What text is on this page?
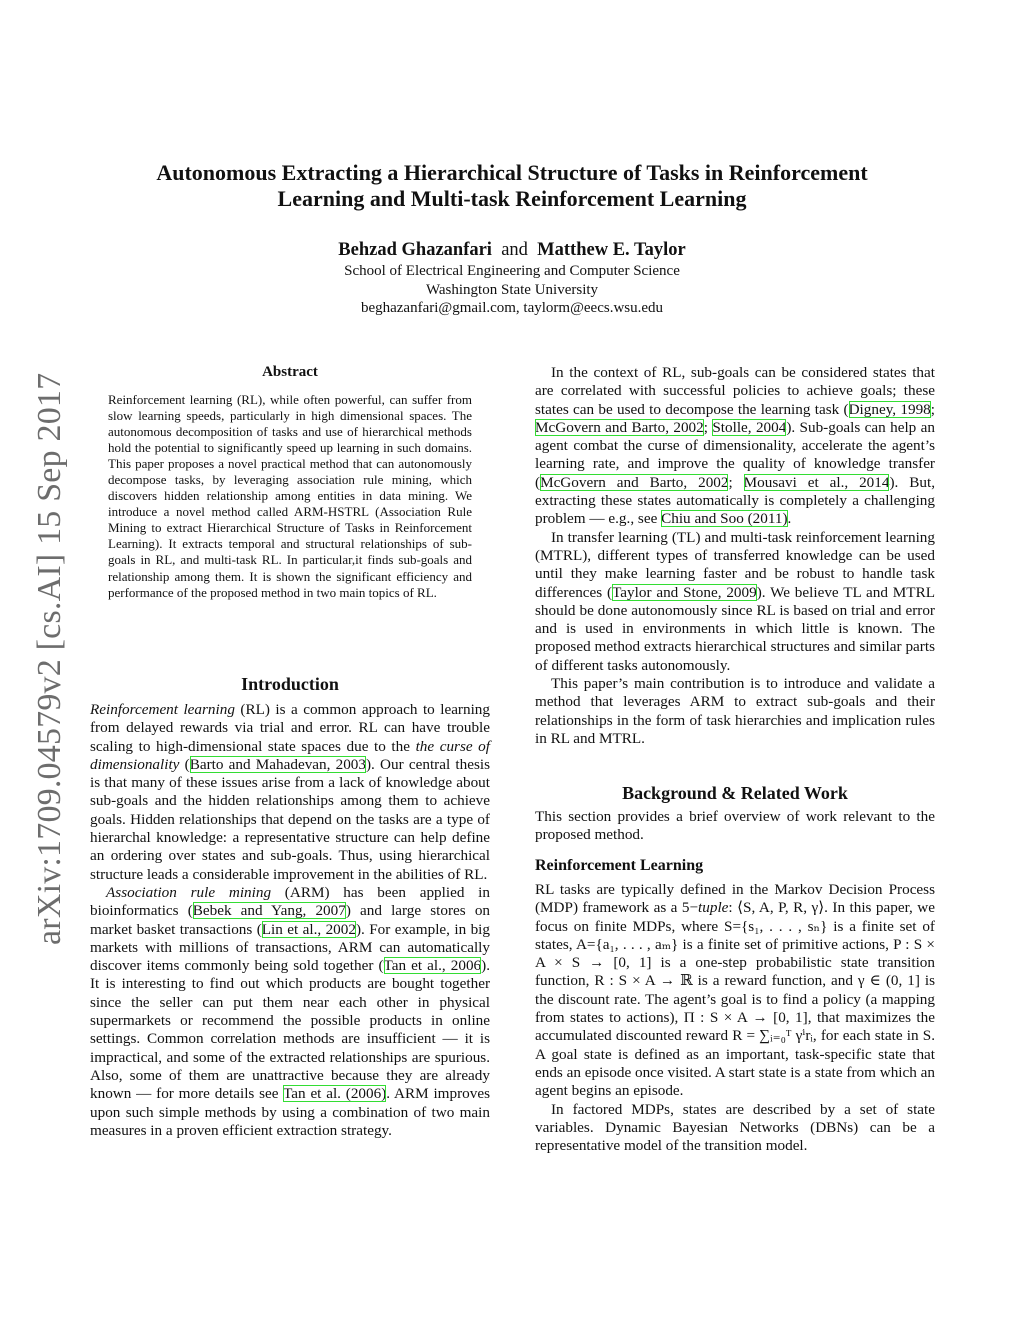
arXiv:1709.04579v2 [cs.AI] 15 Sep 2017
Autonomous Extracting a Hierarchical Structure of Tasks in Reinforcement
Learning and Multi-task Reinforcement Learning
Behzad Ghazanfari and Matthew E. Taylor
School of Electrical Engineering and Computer Science
Washington State University
beghazanfari@gmail.com, taylorm@eecs.wsu.edu
Abstract
Reinforcement learning (RL), while often powerful, can suffer from slow learning speeds, particularly in high dimensional spaces. The autonomous decomposition of tasks and use of hierarchical methods hold the potential to significantly speed up learning in such domains. This paper proposes a novel practical method that can autonomously decompose tasks, by leveraging association rule mining, which discovers hidden relationship among entities in data mining. We introduce a novel method called ARM-HSTRL (Association Rule Mining to extract Hierarchical Structure of Tasks in Reinforcement Learning). It extracts temporal and structural relationships of sub-goals in RL, and multi-task RL. In particular,it finds sub-goals and relationship among them. It is shown the significant efficiency and performance of the proposed method in two main topics of RL.
Introduction

Reinforcement learning (RL) is a common approach to learning from delayed rewards via trial and error. RL can have trouble scaling to high-dimensional state spaces due to the the curse of dimensionality (Barto and Mahadevan, 2003). Our central thesis is that many of these issues arise from a lack of knowledge about sub-goals and the hidden relationships among them to achieve goals. Hidden relationships that depend on the tasks are a type of hierarchal knowledge: a representative structure can help define an ordering over states and sub-goals. Thus, using hierarchical structure leads a considerable improvement in the abilities of RL.

Association rule mining (ARM) has been applied in bioinformatics (Bebek and Yang, 2007) and large stores on market basket transactions (Lin et al., 2002). For example, in big markets with millions of transactions, ARM can automatically discover items commonly being sold together (Tan et al., 2006). It is interesting to find out which products are bought together since the seller can put them near each other in physical supermarkets or recommend the possible products in online settings. Common correlation methods are insufficient — it is impractical, and some of the extracted relationships are spurious. Also, some of them are unattractive because they are already known — for more details see Tan et al. (2006). ARM improves upon such simple methods by using a combination of two main measures in a proven efficient extraction strategy.

In the context of RL, sub-goals can be considered states that are correlated with successful policies to achieve goals; these states can be used to decompose the learning task (Digney, 1998; McGovern and Barto, 2002; Stolle, 2004). Sub-goals can help an agent combat the curse of dimensionality, accelerate the agent’s learning rate, and improve the quality of knowledge transfer (McGovern and Barto, 2002; Mousavi et al., 2014). But, extracting these states automatically is completely a challenging problem — e.g., see Chiu and Soo (2011).

In transfer learning (TL) and multi-task reinforcement learning (MTRL), different types of transferred knowledge can be used until they make learning faster and be robust to handle task differences (Taylor and Stone, 2009). We believe TL and MTRL should be done autonomously since RL is based on trial and error and is used in environments in which little is known. The proposed method extracts hierarchical structures and similar parts of different tasks autonomously.

This paper’s main contribution is to introduce and validate a method that leverages ARM to extract sub-goals and their relationships in the form of task hierarchies and implication rules in RL and MTRL.

Background & Related Work
This section provides a brief overview of work relevant to the proposed method.
Reinforcement Learning

RL tasks are typically defined in the Markov Decision Process (MDP) framework as a 5−tuple: ⟨S, A, P, R, γ⟩. In this paper, we focus on finite MDPs, where S={s₁, . . . , sₙ} is a finite set of states, A={a₁, . . . , aₘ} is a finite set of primitive actions, P : S × A × S → [0, 1] is a one-step probabilistic state transition function, R : S × A → ℝ is a reward function, and γ ∈ (0, 1] is the discount rate. The agent’s goal is to find a policy (a mapping from states to actions), Π : S × A → [0, 1], that maximizes the accumulated discounted reward R = ∑ᵢ₌₀ᵀ γⁱrᵢ, for each state in S. A goal state is defined as an important, task-specific state that ends an episode once visited. A start state is a state from which an agent begins an episode.

In factored MDPs, states are described by a set of state variables. Dynamic Bayesian Networks (DBNs) can be a representative model of the transition model.
